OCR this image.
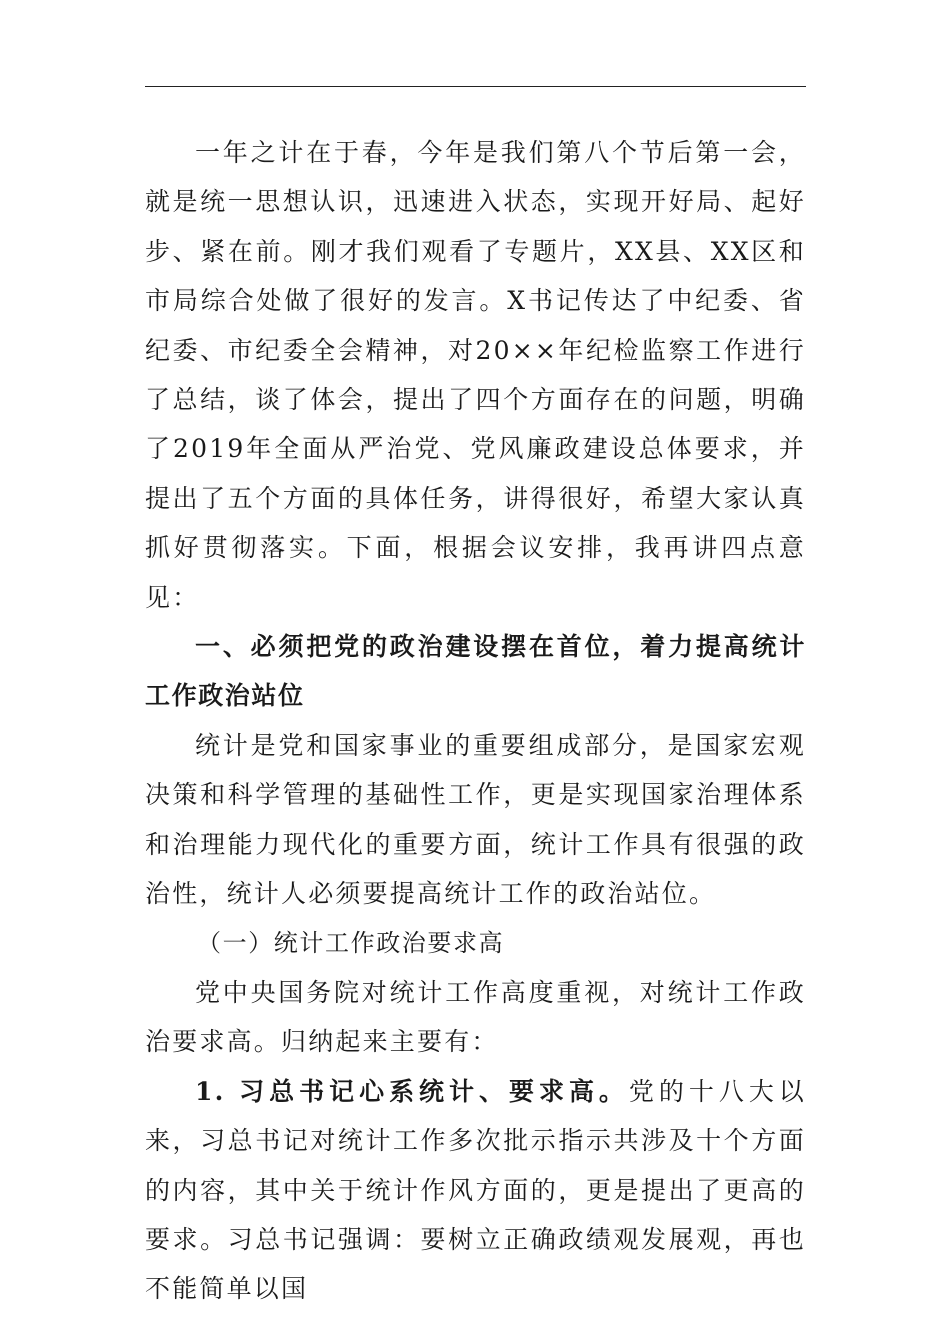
一年之计在于春，今年是我们第八个节后第一会，就是统一思想认识，迅速进入状态，实现开好局、起好步、紧在前。刚才我们观看了专题片，XX县、XX区和市局综合处做了很好的发言。X书记传达了中纪委、省纪委、市纪委全会精神，对20××年纪检监察工作进行了总结，谈了体会，提出了四个方面存在的问题，明确了2019年全面从严治党、党风廉政建设总体要求，并提出了五个方面的具体任务，讲得很好，希望大家认真抓好贯彻落实。下面，根据会议安排，我再讲四点意见：

一、必须把党的政治建设摆在首位，着力提高统计工作政治站位

统计是党和国家事业的重要组成部分，是国家宏观决策和科学管理的基础性工作，更是实现国家治理体系和治理能力现代化的重要方面，统计工作具有很强的政治性，统计人必须要提高统计工作的政治站位。

（一）统计工作政治要求高

党中央国务院对统计工作高度重视，对统计工作政治要求高。归纳起来主要有：

1. 习总书记心系统计、要求高。党的十八大以来，习总书记对统计工作多次批示指示共涉及十个方面的内容，其中关于统计作风方面的，更是提出了更高的要求。习总书记强调：要树立正确政绩观发展观，再也不能简单以国
